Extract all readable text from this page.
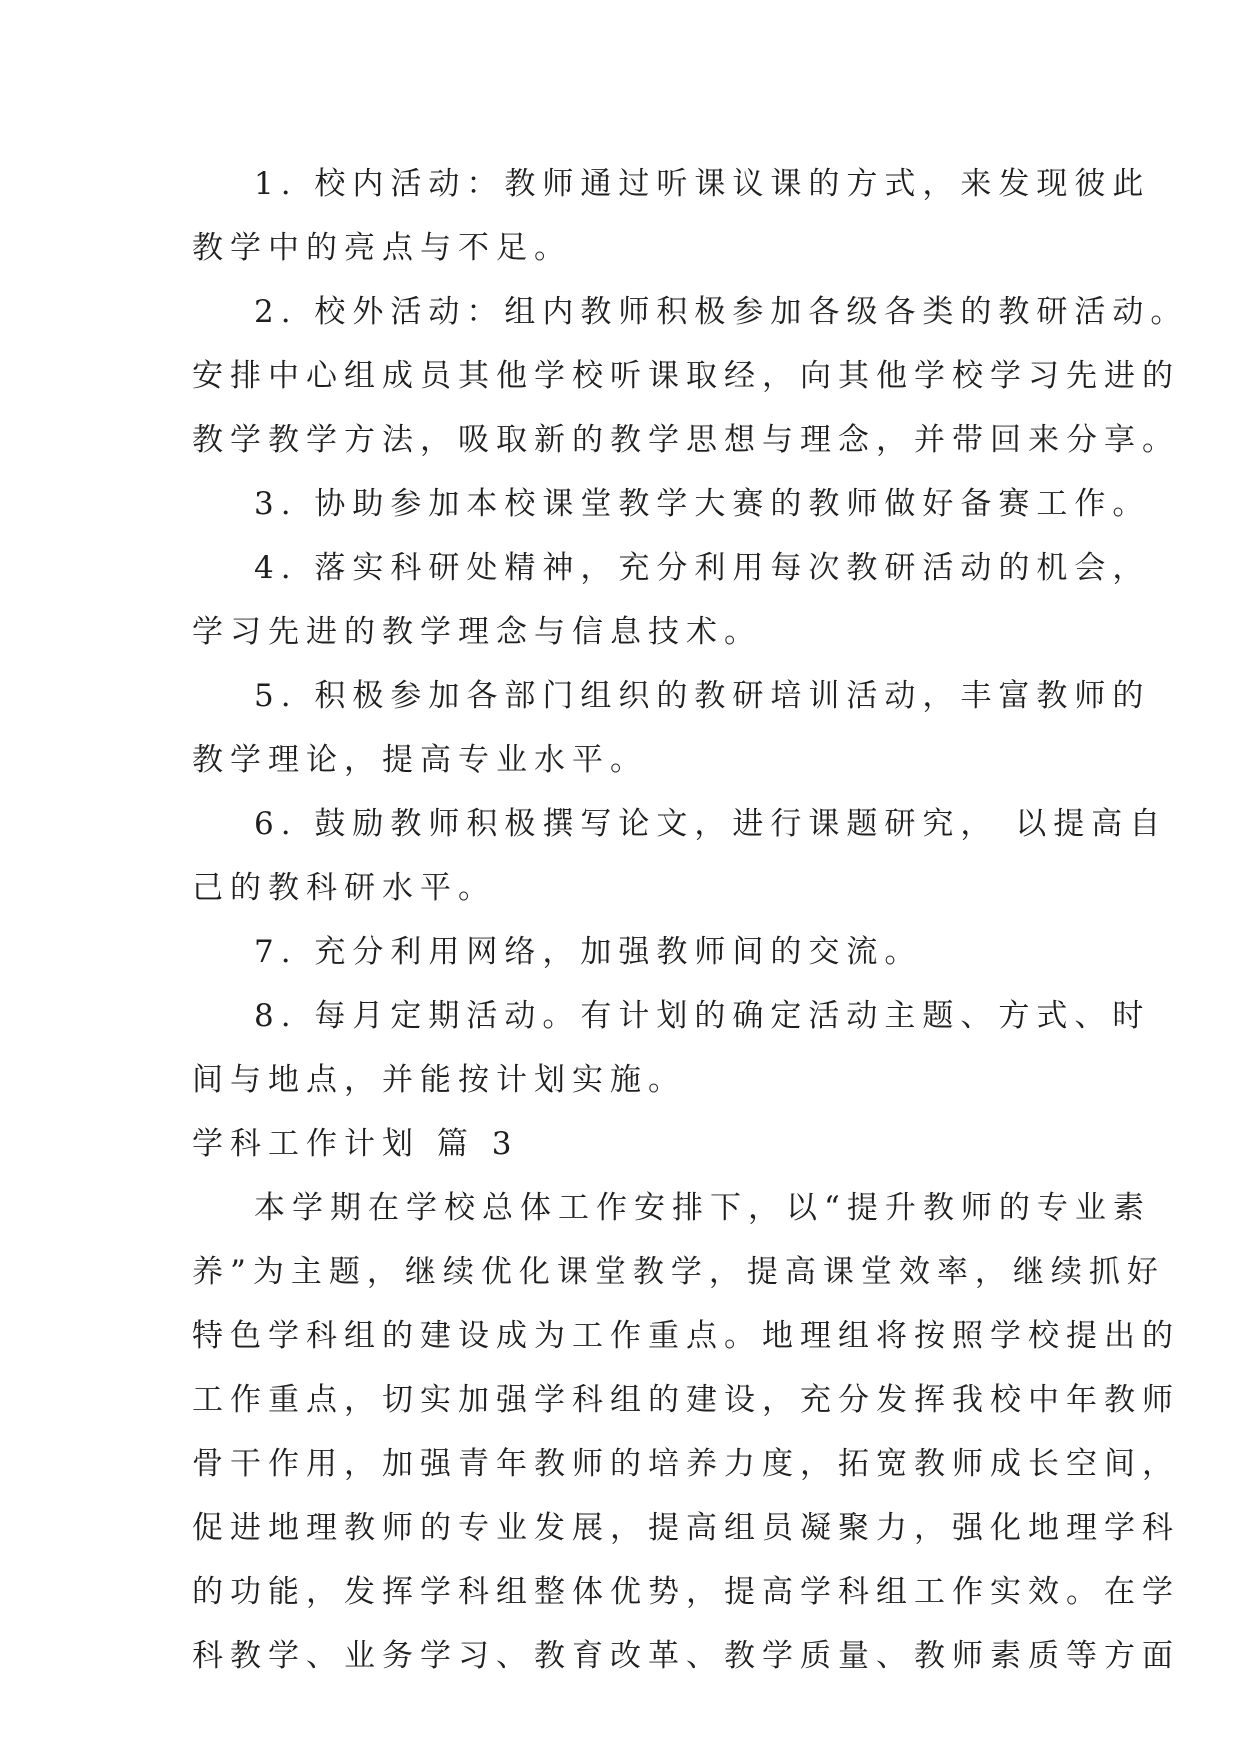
1. 校内活动：教师通过听课议课的方式，来发现彼此
教学中的亮点与不足。
2. 校外活动：组内教师积极参加各级各类的教研活动。
安排中心组成员其他学校听课取经，向其他学校学习先进的
教学教学方法，吸取新的教学思想与理念，并带回来分享。
3. 协助参加本校课堂教学大赛的教师做好备赛工作。
4. 落实科研处精神，充分利用每次教研活动的机会，
学习先进的教学理念与信息技术。
5. 积极参加各部门组织的教研培训活动，丰富教师的
教学理论，提高专业水平。
6. 鼓励教师积极撰写论文，进行课题研究， 以提高自
己的教科研水平。
7. 充分利用网络，加强教师间的交流。
8. 每月定期活动。有计划的确定活动主题、方式、时
间与地点，并能按计划实施。
学科工作计划 篇 3
本学期在学校总体工作安排下，以“提升教师的专业素
养”为主题，继续优化课堂教学，提高课堂效率，继续抓好
特色学科组的建设成为工作重点。地理组将按照学校提出的
工作重点，切实加强学科组的建设，充分发挥我校中年教师
骨干作用，加强青年教师的培养力度，拓宽教师成长空间，
促进地理教师的专业发展，提高组员凝聚力，强化地理学科
的功能，发挥学科组整体优势，提高学科组工作实效。在学
科教学、业务学习、教育改革、教学质量、教师素质等方面
